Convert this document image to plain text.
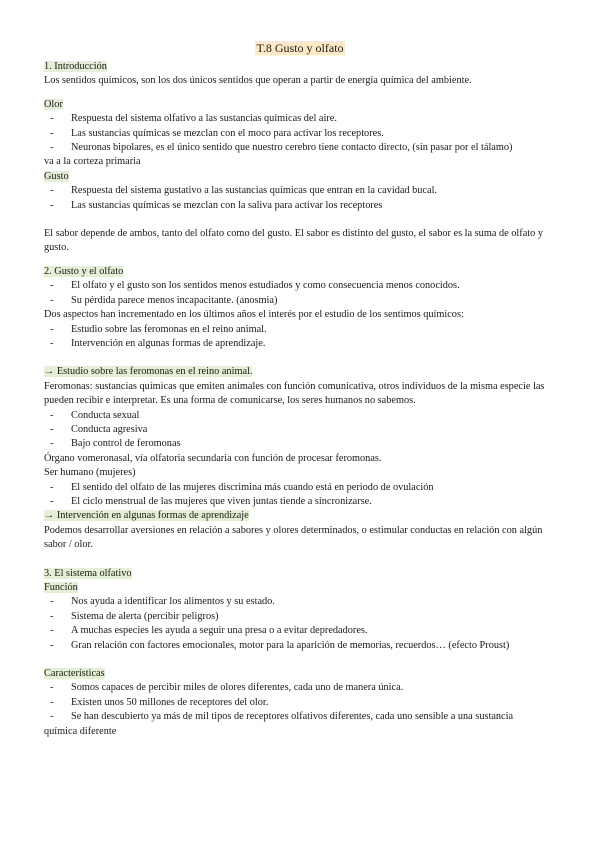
T.8 Gusto y olfato

1. Introducción

Los sentidos químicos, son los dos únicos sentidos que operan a partir de energía química del ambiente.

Olor

- Respuesta del sistema olfativo a las sustancias químicas del aire.
- Las sustancias químicas se mezclan con el moco para activar los receptores.
- Neuronas bipolares, es el único sentido que nuestro cerebro tiene contacto directo, (sin pasar por el tálamo)

va a la corteza primaria

Gusto

- Respuesta del sistema gustativo a las sustancias químicas que entran en la cavidad bucal.
- Las sustancias químicas se mezclan con la saliva para activar los receptores

El sabor depende de ambos, tanto del olfato como del gusto. El sabor es distinto del gusto, el sabor es la suma de olfato y gusto.

2. Gusto y el olfato

- El olfato y el gusto son los sentidos menos estudiados y como consecuencia menos conocidos.
- Su pérdida parece menos incapacitante. (anosmia)

Dos aspectos han incrementado en los últimos años el interés por el estudio de los sentimos químicos:

- Estudio sobre las feromonas en el reino animal.
- Intervención en algunas formas de aprendizaje.

→ Estudio sobre las feromonas en el reino animal.

Feromonas: sustancias químicas que emiten animales con función comunicativa, otros individuos de la misma especie las pueden recibir e interpretar. Es una forma de comunicarse, los seres humanos no sabemos.

- Conducta sexual
- Conducta agresiva
- Bajo control de feromonas

Órgano vomeronasal, vía olfatoria secundaria con función de procesar feromonas.

Ser humano (mujeres)

- El sentido del olfato de las mujeres discrimina más cuando está en periodo de ovulación
- El ciclo menstrual de las mujeres que viven juntas tiende a sincronizarse.

→ Intervención en algunas formas de aprendizaje

Podemos desarrollar aversiones en relación a sabores y olores determinados, o estimular conductas en relación con algún sabor / olor.

3. El sistema olfativo

Función

- Nos ayuda a identificar los alimentos y su estado.
- Sistema de alerta (percibir peligros)
- A muchas especies les ayuda a seguir una presa o a evitar depredadores.
- Gran relación con factores emocionales, motor para la aparición de memorias, recuerdos… (efecto Proust)

Características

- Somos capaces de percibir miles de olores diferentes, cada uno de manera única.
- Existen unos 50 millones de receptores del olor.
- Se han descubierto ya más de mil tipos de receptores olfativos diferentes, cada uno sensible a una sustancia

química diferente
